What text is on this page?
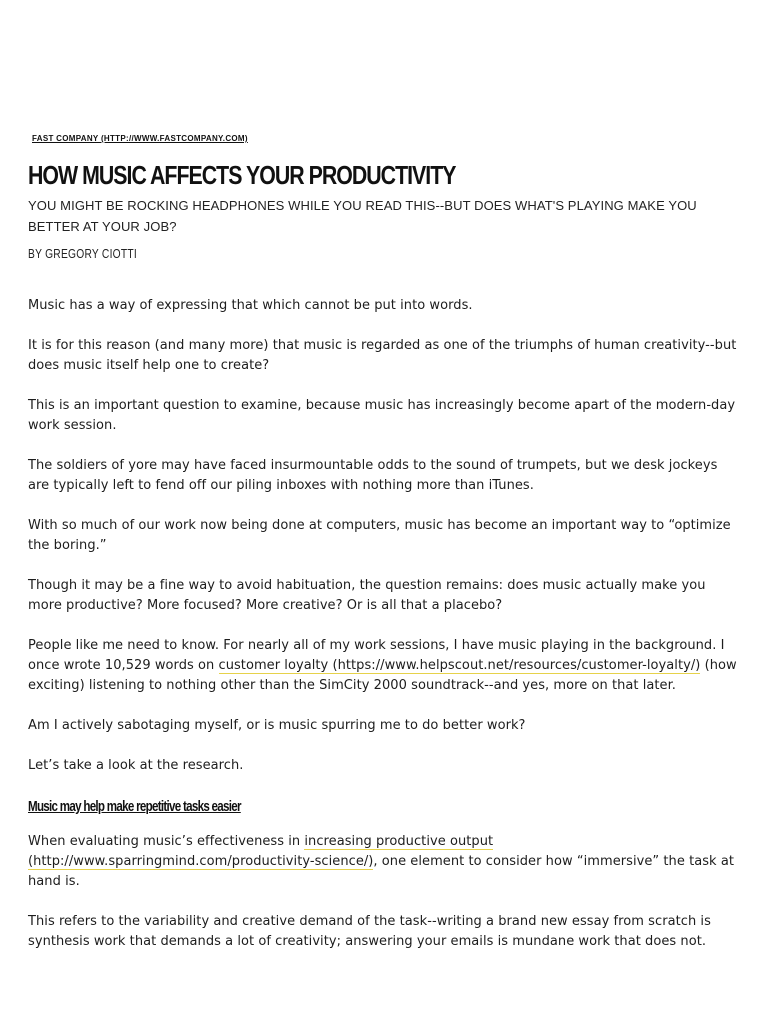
FAST COMPANY (HTTP://WWW.FASTCOMPANY.COM)
HOW MUSIC AFFECTS YOUR PRODUCTIVITY

YOU MIGHT BE ROCKING HEADPHONES WHILE YOU READ THIS--BUT DOES WHAT'S PLAYING MAKE YOU BETTER AT YOUR JOB?

BY GREGORY CIOTTI

Music has a way of expressing that which cannot be put into words.

It is for this reason (and many more) that music is regarded as one of the triumphs of human creativity--but does music itself help one to create?

This is an important question to examine, because music has increasingly become apart of the modern-day work session.

The soldiers of yore may have faced insurmountable odds to the sound of trumpets, but we desk jockeys are typically left to fend off our piling inboxes with nothing more than iTunes.

With so much of our work now being done at computers, music has become an important way to “optimize the boring.”

Though it may be a fine way to avoid habituation, the question remains: does music actually make you more productive? More focused? More creative? Or is all that a placebo?

People like me need to know. For nearly all of my work sessions, I have music playing in the background. I once wrote 10,529 words on customer loyalty (https://www.helpscout.net/resources/customer-loyalty/) (how exciting) listening to nothing other than the SimCity 2000 soundtrack--and yes, more on that later.

Am I actively sabotaging myself, or is music spurring me to do better work?

Let’s take a look at the research.

Music may help make repetitive tasks easier

When evaluating music’s effectiveness in increasing productive output (http://www.sparringmind.com/productivity-science/), one element to consider how “immersive” the task at hand is.

This refers to the variability and creative demand of the task--writing a brand new essay from scratch is synthesis work that demands a lot of creativity; answering your emails is mundane work that does not.
